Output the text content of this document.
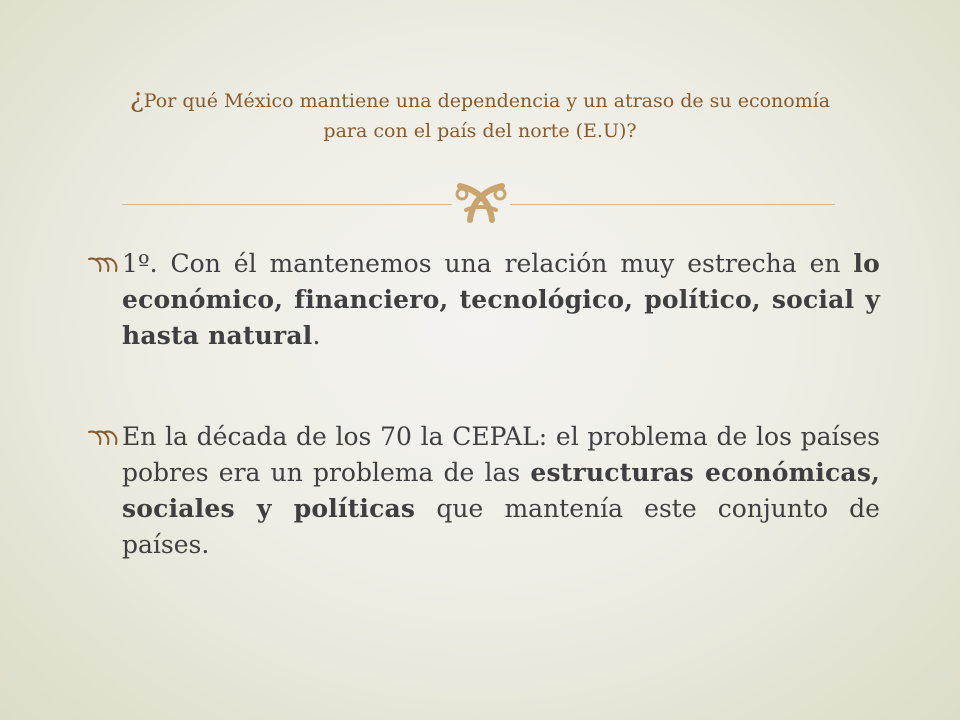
¿Por qué México mantiene una dependencia y un atraso de su economía
para con el país del norte (E.U)?
1º. Con él mantenemos una relación muy estrecha en lo económico, financiero, tecnológico, político, social y hasta natural.
En la década de los 70 la CEPAL: el problema de los países pobres era un problema de las estructuras económicas, sociales y políticas que mantenía este conjunto de países.
